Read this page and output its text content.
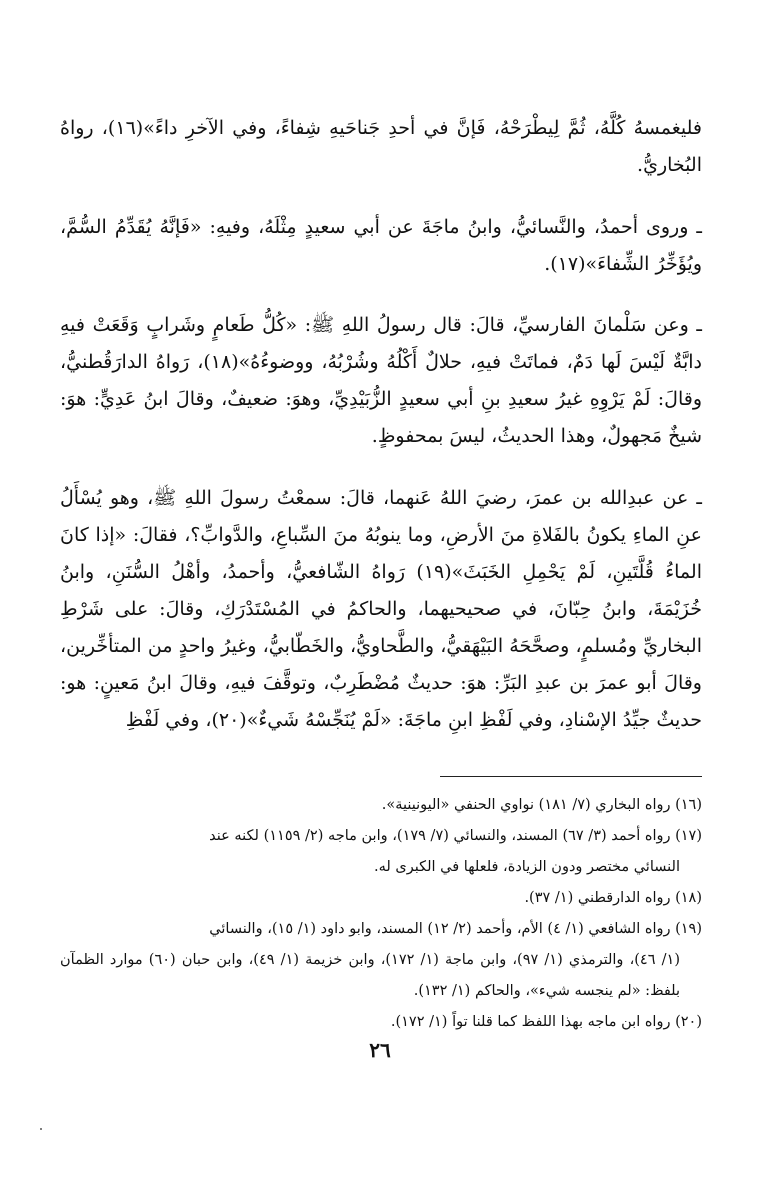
فليغمسهُ كُلَّهُ، ثُمَّ لِيطْرَحْهُ، فَإنَّ في أحدِ جَناحَيهِ شِفاءً، وفي الآخرِ داءً»(١٦)، رواهُ البُخاريُّ.

ـ وروى أحمدُ، والنَّسائيُّ، وابنُ ماجَةَ عن أبي سعيدٍ مِثْلَهُ، وفيهِ: «فَإنَّهُ يُقَدِّمُ السُّمَّ، ويُؤَخِّرُ الشِّفاءَ»(١٧).

ـ وعن سَلْمانَ الفارسيِّ، قالَ: قال رسولُ اللهِ ﷺ: «كُلُّ طَعامٍ وشَرابٍ وَقَعَتْ فيهِ دابَّةٌ لَيْسَ لَها دَمٌ، فماتَتْ فيهِ، حلالٌ أَكْلُهُ وشُرْبُهُ، ووضوءُهُ»(١٨)، رَواهُ الدارَقُطنيُّ، وقالَ: لَمْ يَرْوِهِ غيرُ سعيدِ بنِ أبي سعيدٍ الزُّبَيْدِيِّ، وهوَ: ضعيفٌ، وقالَ ابنُ عَدِيٍّ: هوَ: شيخٌ مَجهولٌ، وهذا الحديثُ، ليسَ بمحفوظٍ.

ـ عن عبدِالله بن عمرَ، رضيَ اللهُ عَنهما، قالَ: سمعْتُ رسولَ اللهِ ﷺ، وهو يُسْأَلُ عنِ الماءِ يكونُ بالفَلاةِ منَ الأرضِ، وما ينوبُهُ منَ السِّباعِ، والدَّوابِّ؟، فقالَ: «إذا كانَ الماءُ قُلَّتَينِ، لَمْ يَحْمِلِ الخَبَثَ»(١٩) رَواهُ الشّافعيُّ، وأحمدُ، وأهْلُ السُّنَنِ، وابنُ خُزَيْمَةَ، وابنُ حِبّانَ، في صحيحيهما، والحاكمُ في المُسْتَدْرَكِ، وقالَ: على شَرْطِ البخاريِّ ومُسلمٍ، وصحَّحَهُ البَيْهَقيُّ، والطَّحاويُّ، والخَطّابيُّ، وغيرُ واحدٍ من المتأخِّرين، وقالَ أبو عمرَ بن عبدِ البَرِّ: هوَ: حديثٌ مُضْطَرِبٌ، وتوقَّفَ فيهِ، وقالَ ابنُ مَعينٍ: هو: حديثٌ جيِّدُ الإسْنادِ، وفي لَفْظِ ابنِ ماجَةَ: «لَمْ يُنَجِّسْهُ شَيءٌ»(٢٠)، وفي لَفْظِ

(١٦) رواه البخاري (٧/ ١٨١) نواوي الحنفي «اليونينية».

(١٧) رواه أحمد (٣/ ٦٧) المسند، والنسائي (٧/ ١٧٩)، وابن ماجه (٢/ ١١٥٩) لكنه عند
النسائي مختصر ودون الزيادة، فلعلها في الكبرى له.

(١٨) رواه الدارقطني (١/ ٣٧).

(١٩) رواه الشافعي (١/ ٤) الأم، وأحمد (٢/ ١٢) المسند، وابو داود (١/ ١٥)، والنسائي
(١/ ٤٦)، والترمذي (١/ ٩٧)، وابن ماجة (١/ ١٧٢)، وابن خزيمة (١/ ٤٩)، وابن حبان (٦٠) موارد الظمآن بلفظ: «لم ينجسه شيء»، والحاكم (١/ ١٣٢).

(٢٠) رواه ابن ماجه بهذا اللفظ كما قلنا تواً (١/ ١٧٢).

٢٦
